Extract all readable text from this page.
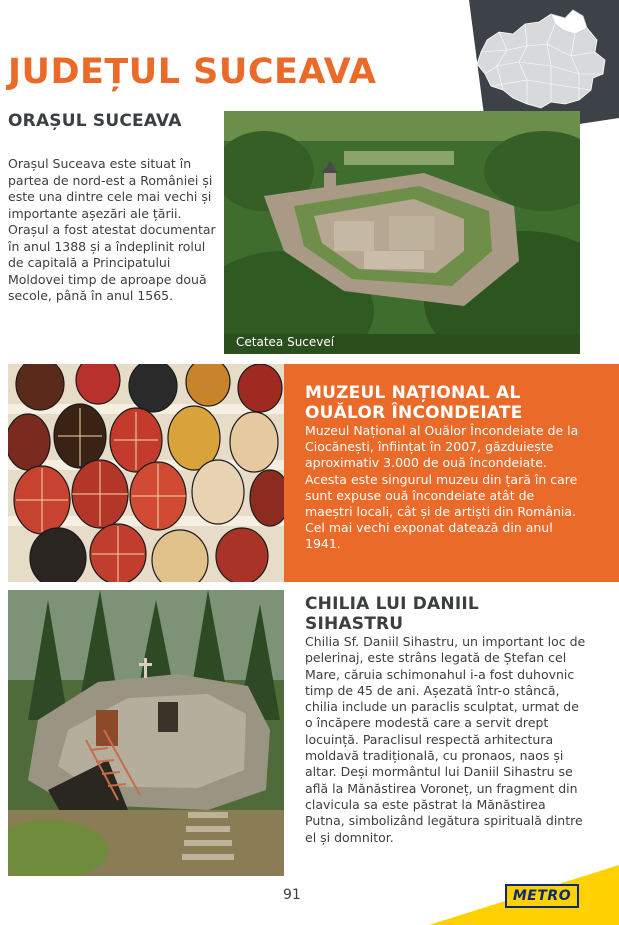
JUDEȚUL SUCEAVA
ORAȘUL SUCEAVA

Orașul Suceava este situat în partea de nord-est a României și este una dintre cele mai vechi și importante așezări ale țării. Orașul a fost atestat documentar în anul 1388 și a îndeplinit rolul de capitală a Principatului Moldovei timp de aproape două secole, până în anul 1565.

Cetatea Suceveí
MUZEUL NAȚIONAL AL OUĂLOR ÎNCONDEIATE

Muzeul Național al Ouălor Încondeiate de la Ciocănești, înființat în 2007, găzduiește aproximativ 3.000 de ouă încondeiate. Acesta este singurul muzeu din țară în care sunt expuse ouă încondeiate atât de maeștri locali, cât și de artiști din România. Cel mai vechi exponat datează din anul 1941.

CHILIA LUI DANIIL SIHASTRU

Chilia Sf. Daniil Sihastru, un important loc de pelerinaj, este strâns legată de Ștefan cel Mare, căruia schimonahul i-a fost duhovnic timp de 45 de ani. Așezată într-o stâncă, chilia include un paraclis sculptat, urmat de o încăpere modestă care a servit drept locuință. Paraclisul respectă arhitectura moldavă tradițională, cu pronaos, naos și altar. Deși mormântul lui Daniil Sihastru se află la Mănăstirea Voroneț, un fragment din clavicula sa este păstrat la Mănăstirea Putna, simbolizând legătura spirituală dintre el și domnitor.

91	METRO
